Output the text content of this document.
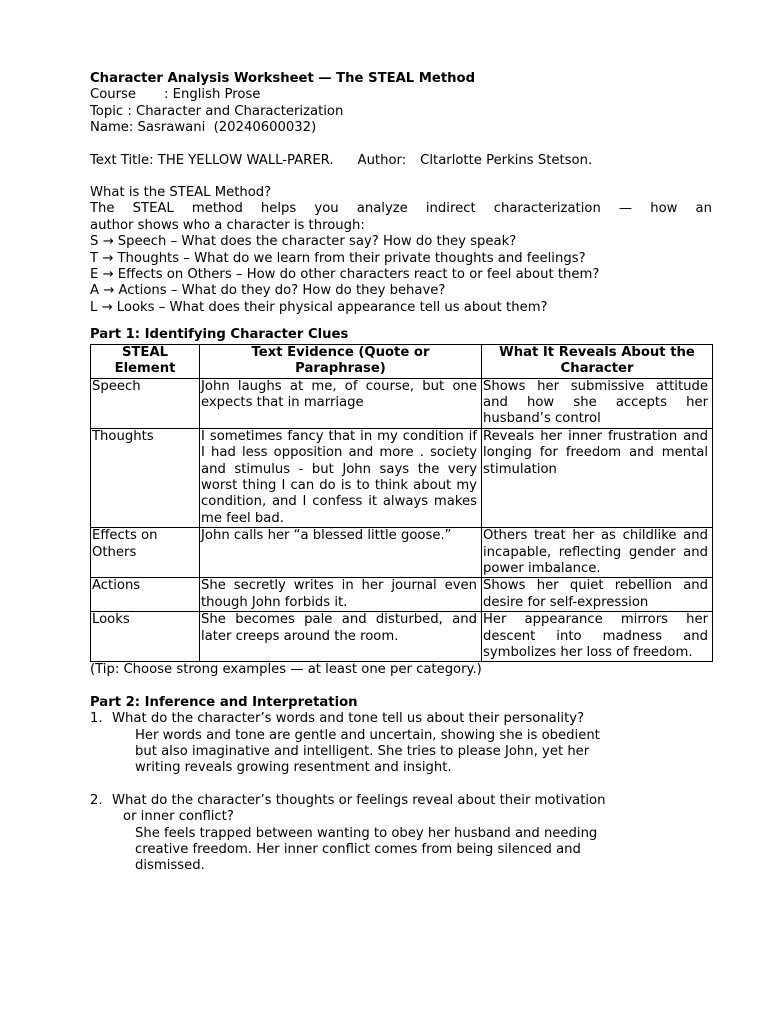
Character Analysis Worksheet — The STEAL Method
Course : English Prose
Topic : Character and Characterization
Name: Sasrawani  (20240600032)
Text Title: THE YELLOW WALL-PARER. Author: Cltarlotte Perkins Stetson.
What is the STEAL Method?
The STEAL method helps you analyze indirect characterization — how an
author shows who a character is through:
S → Speech – What does the character say? How do they speak?
T → Thoughts – What do we learn from their private thoughts and feelings?
E → Effects on Others – How do other characters react to or feel about them?
A → Actions – What do they do? How do they behave?
L → Looks – What does their physical appearance tell us about them?
Part 1: Identifying Character Clues
STEAL Element	Text Evidence (Quote or Paraphrase)	What It Reveals About the Character
Speech	John laughs at me, of course, but one expects that in marriage	Shows her submissive attitude and how she accepts her husband’s control
Thoughts	I sometimes fancy that in my condition if I had less opposition and more . society and stimulus - but John says the very worst thing I can do is to think about my condition, and I confess it always makes me feel bad.	Reveals her inner frustration and longing for freedom and mental stimulation
Effects on Others	John calls her “a blessed little goose.”	Others treat her as childlike and incapable, reflecting gender and power imbalance.
Actions	She secretly writes in her journal even though John forbids it.	Shows her quiet rebellion and desire for self-expression
Looks	She becomes pale and disturbed, and later creeps around the room.	Her appearance mirrors her descent into madness and symbolizes her loss of freedom.
(Tip: Choose strong examples — at least one per category.)
Part 2: Inference and Interpretation
1. What do the character’s words and tone tell us about their personality?
Her words and tone are gentle and uncertain, showing she is obedient
but also imaginative and intelligent. She tries to please John, yet her
writing reveals growing resentment and insight.
2. What do the character’s thoughts or feelings reveal about their motivation
or inner conflict?
She feels trapped between wanting to obey her husband and needing
creative freedom. Her inner conflict comes from being silenced and
dismissed.
